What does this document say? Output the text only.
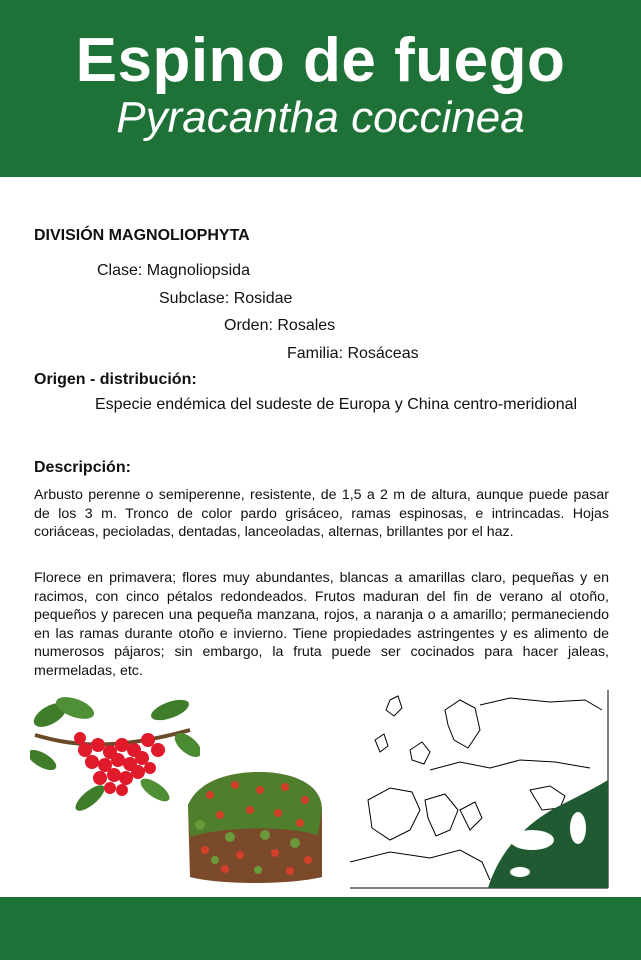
Espino de fuego
Pyracantha coccinea
DIVISIÓN MAGNOLIOPHYTA
Clase: Magnoliopsida
Subclase: Rosidae
Orden: Rosales
Familia: Rosáceas
Origen - distribución:

Especie endémica del sudeste de Europa y China centro-meridional

Descripción:

Arbusto perenne o semiperenne, resistente, de 1,5 a 2 m de altura, aunque puede pasar de los 3 m. Tronco de color pardo grisáceo, ramas espinosas, e intrincadas. Hojas coriáceas, pecioladas, dentadas, lanceoladas, alternas, brillantes por el haz.

Florece en primavera; flores muy abundantes, blancas a amarillas claro, pequeñas y en racimos, con cinco pétalos redondeados. Frutos maduran del fin de verano al otoño, pequeños y parecen una pequeña manzana, rojos, a naranja o a amarillo; permaneciendo en las ramas durante otoño e invierno. Tiene propiedades astringentes y es alimento de numerosos pájaros; sin embargo, la fruta puede ser cocinados para hacer jaleas, mermeladas, etc.
